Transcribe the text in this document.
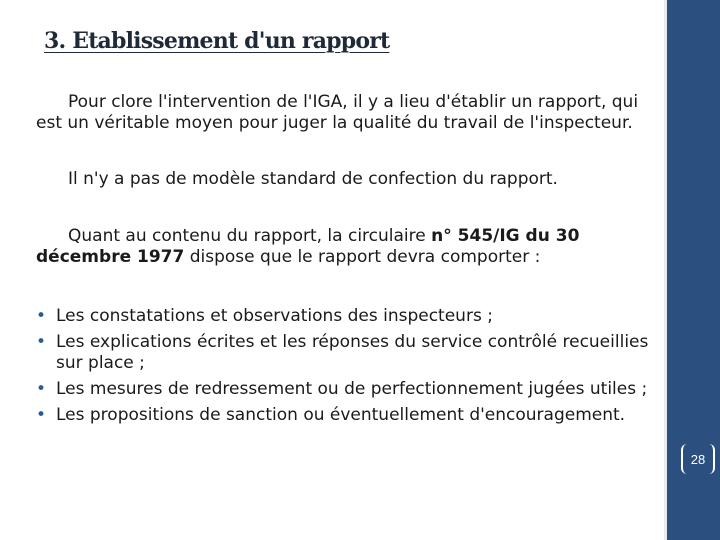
3. Etablissement d'un rapport

Pour clore l'intervention de l'IGA, il y a lieu d'établir un rapport, qui est un véritable moyen pour juger la qualité du travail de l'inspecteur.

Il n'y a pas de modèle standard de confection du rapport.

Quant au contenu du rapport, la circulaire n° 545/IG du 30 décembre 1977 dispose que le rapport devra comporter :

• Les constatations et observations des inspecteurs ;
• Les explications écrites et les réponses du service contrôlé recueillies sur place ;
• Les mesures de redressement ou de perfectionnement jugées utiles ;
• Les propositions de sanction ou éventuellement d'encouragement.
28
